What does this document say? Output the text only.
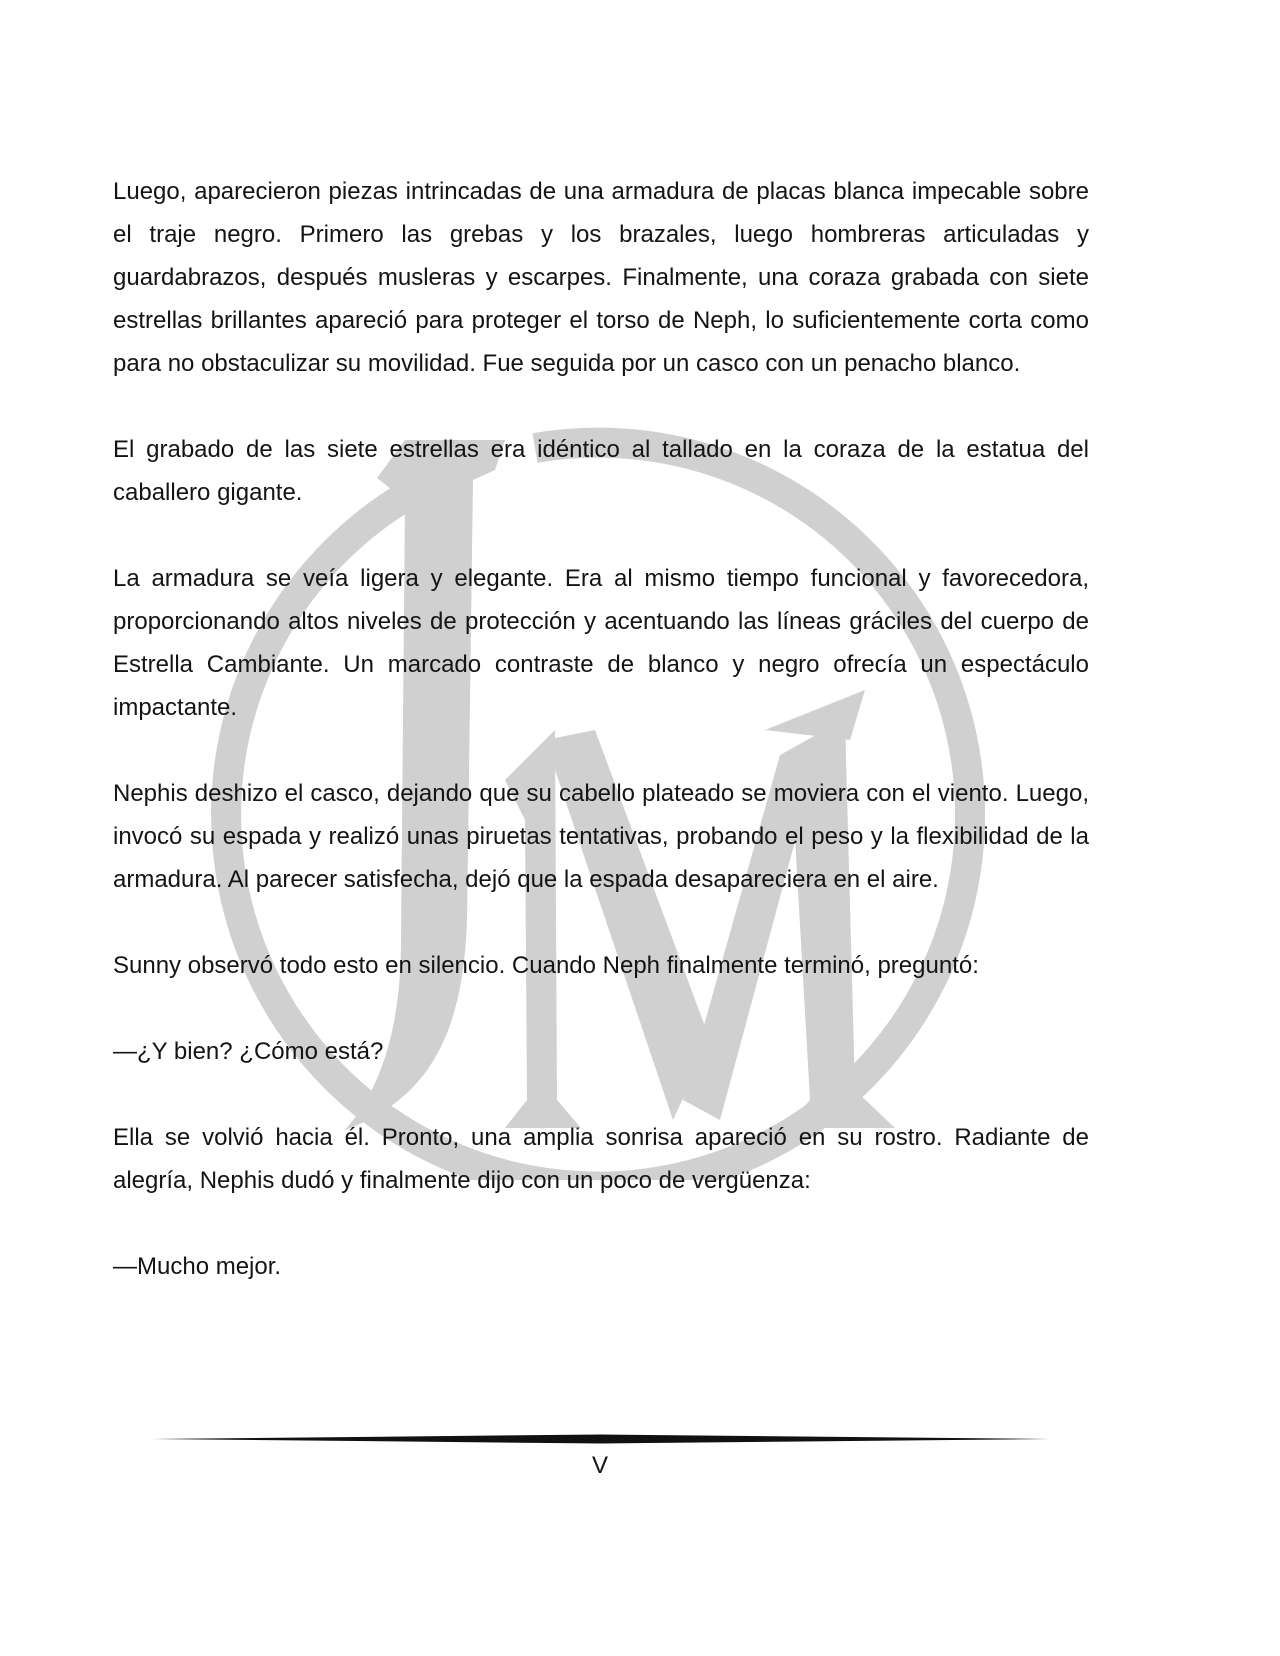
Luego, aparecieron piezas intrincadas de una armadura de placas blanca impecable sobre el traje negro. Primero las grebas y los brazales, luego hombreras articuladas y guardabrazos, después musleras y escarpes. Finalmente, una coraza grabada con siete estrellas brillantes apareció para proteger el torso de Neph, lo suficientemente corta como para no obstaculizar su movilidad. Fue seguida por un casco con un penacho blanco.

El grabado de las siete estrellas era idéntico al tallado en la coraza de la estatua del caballero gigante.

La armadura se veía ligera y elegante. Era al mismo tiempo funcional y favorecedora, proporcionando altos niveles de protección y acentuando las líneas gráciles del cuerpo de Estrella Cambiante. Un marcado contraste de blanco y negro ofrecía un espectáculo impactante.

Nephis deshizo el casco, dejando que su cabello plateado se moviera con el viento. Luego, invocó su espada y realizó unas piruetas tentativas, probando el peso y la flexibilidad de la armadura. Al parecer satisfecha, dejó que la espada desapareciera en el aire.

Sunny observó todo esto en silencio. Cuando Neph finalmente terminó, preguntó:

—¿Y bien? ¿Cómo está?

Ella se volvió hacia él. Pronto, una amplia sonrisa apareció en su rostro. Radiante de alegría, Nephis dudó y finalmente dijo con un poco de vergüenza:

—Mucho mejor.

V
